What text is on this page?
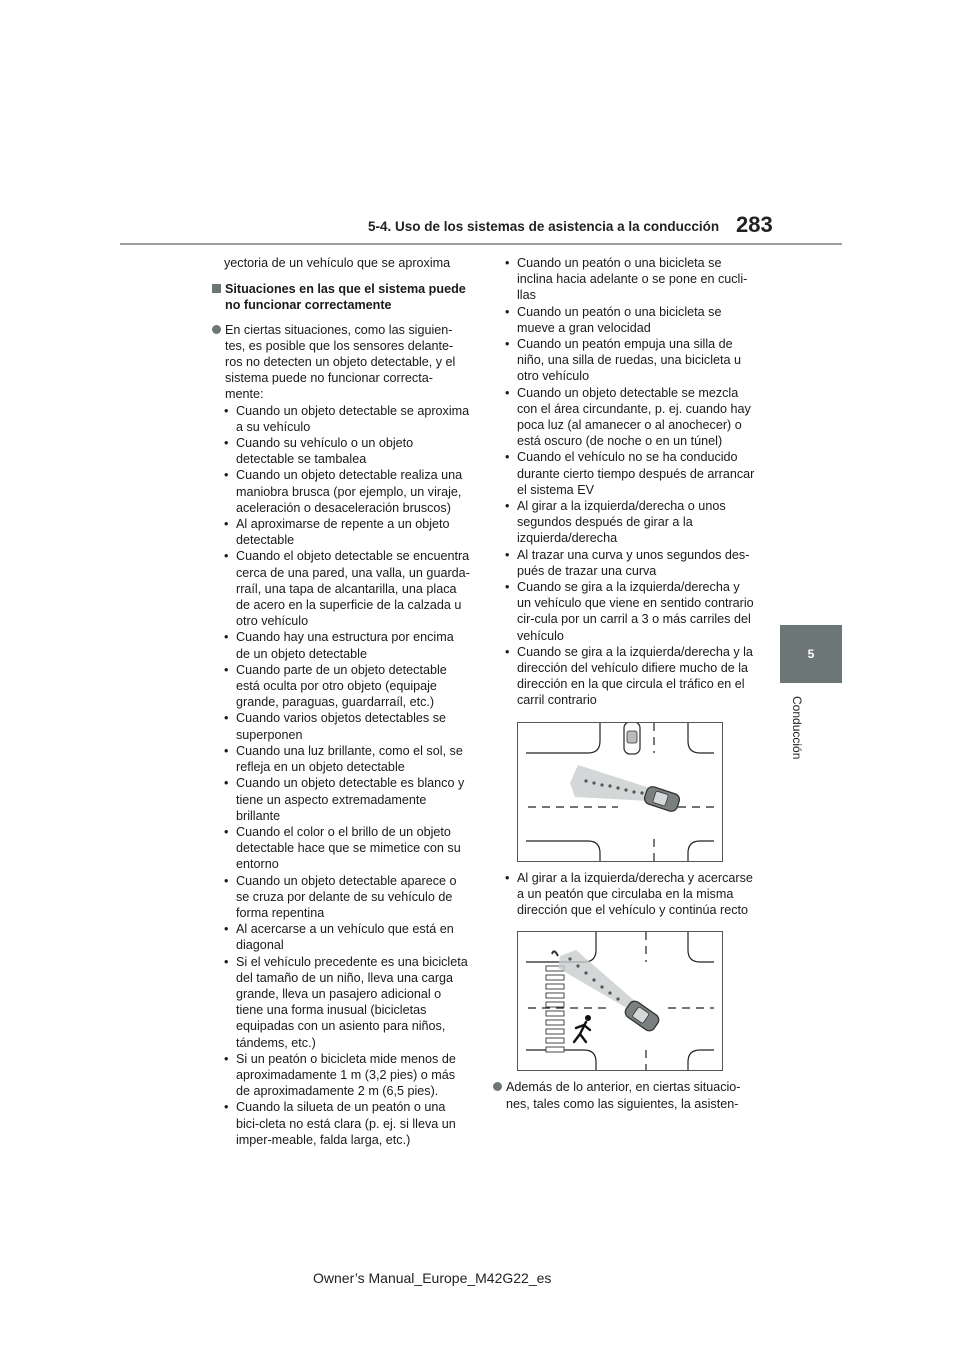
283
5-4. Uso de los sistemas de asistencia a la conducción
5
Conducción

yectoria de un vehículo que se aproxima

Situaciones en las que el sistema puede no funcionar correctamente
En ciertas situaciones, como las siguien-tes, es posible que los sensores delante-ros no detecten un objeto detectable, y el sistema puede no funcionar correcta-mente:
• Cuando un objeto detectable se aproxima a su vehículo
• Cuando su vehículo o un objeto detectable se tambalea
• Cuando un objeto detectable realiza una maniobra brusca (por ejemplo, un viraje, aceleración o desaceleración bruscos)
• Al aproximarse de repente a un objeto detectable
• Cuando el objeto detectable se encuentra cerca de una pared, una valla, un guarda-rraíl, una tapa de alcantarilla, una placa de acero en la superficie de la calzada u otro vehículo
• Cuando hay una estructura por encima de un objeto detectable
• Cuando parte de un objeto detectable está oculta por otro objeto (equipaje grande, paraguas, guardarraíl, etc.)
• Cuando varios objetos detectables se superponen
• Cuando una luz brillante, como el sol, se refleja en un objeto detectable
• Cuando un objeto detectable es blanco y tiene un aspecto extremadamente brillante
• Cuando el color o el brillo de un objeto detectable hace que se mimetice con su entorno
• Cuando un objeto detectable aparece o se cruza por delante de su vehículo de forma repentina
• Al acercarse a un vehículo que está en diagonal
• Si el vehículo precedente es una bicicleta del tamaño de un niño, lleva una carga grande, lleva un pasajero adicional o tiene una forma inusual (bicicletas equipadas con un asiento para niños, tándems, etc.)
• Si un peatón o bicicleta mide menos de aproximadamente 1 m (3,2 pies) o más de aproximadamente 2 m (6,5 pies).
• Cuando la silueta de un peatón o una bici-cleta no está clara (p. ej. si lleva un imper-meable, falda larga, etc.)
• Cuando un peatón o una bicicleta se inclina hacia adelante o se pone en cucli-llas
• Cuando un peatón o una bicicleta se mueve a gran velocidad
• Cuando un peatón empuja una silla de niño, una silla de ruedas, una bicicleta u otro vehículo
• Cuando un objeto detectable se mezcla con el área circundante, p. ej. cuando hay poca luz (al amanecer o al anochecer) o está oscuro (de noche o en un túnel)
• Cuando el vehículo no se ha conducido durante cierto tiempo después de arrancar el sistema EV
• Al girar a la izquierda/derecha o unos segundos después de girar a la izquierda/derecha
• Al trazar una curva y unos segundos des-pués de trazar una curva
• Cuando se gira a la izquierda/derecha y un vehículo que viene en sentido contrario cir-cula por un carril a 3 o más carriles del vehículo
• Cuando se gira a la izquierda/derecha y la dirección del vehículo difiere mucho de la dirección en la que circula el tráfico en el carril contrario
• Al girar a la izquierda/derecha y acercarse a un peatón que circulaba en la misma dirección que el vehículo y continúa recto
Además de lo anterior, en ciertas situacio-nes, tales como las siguientes, la asisten-
Owner’s Manual_Europe_M42G22_es
